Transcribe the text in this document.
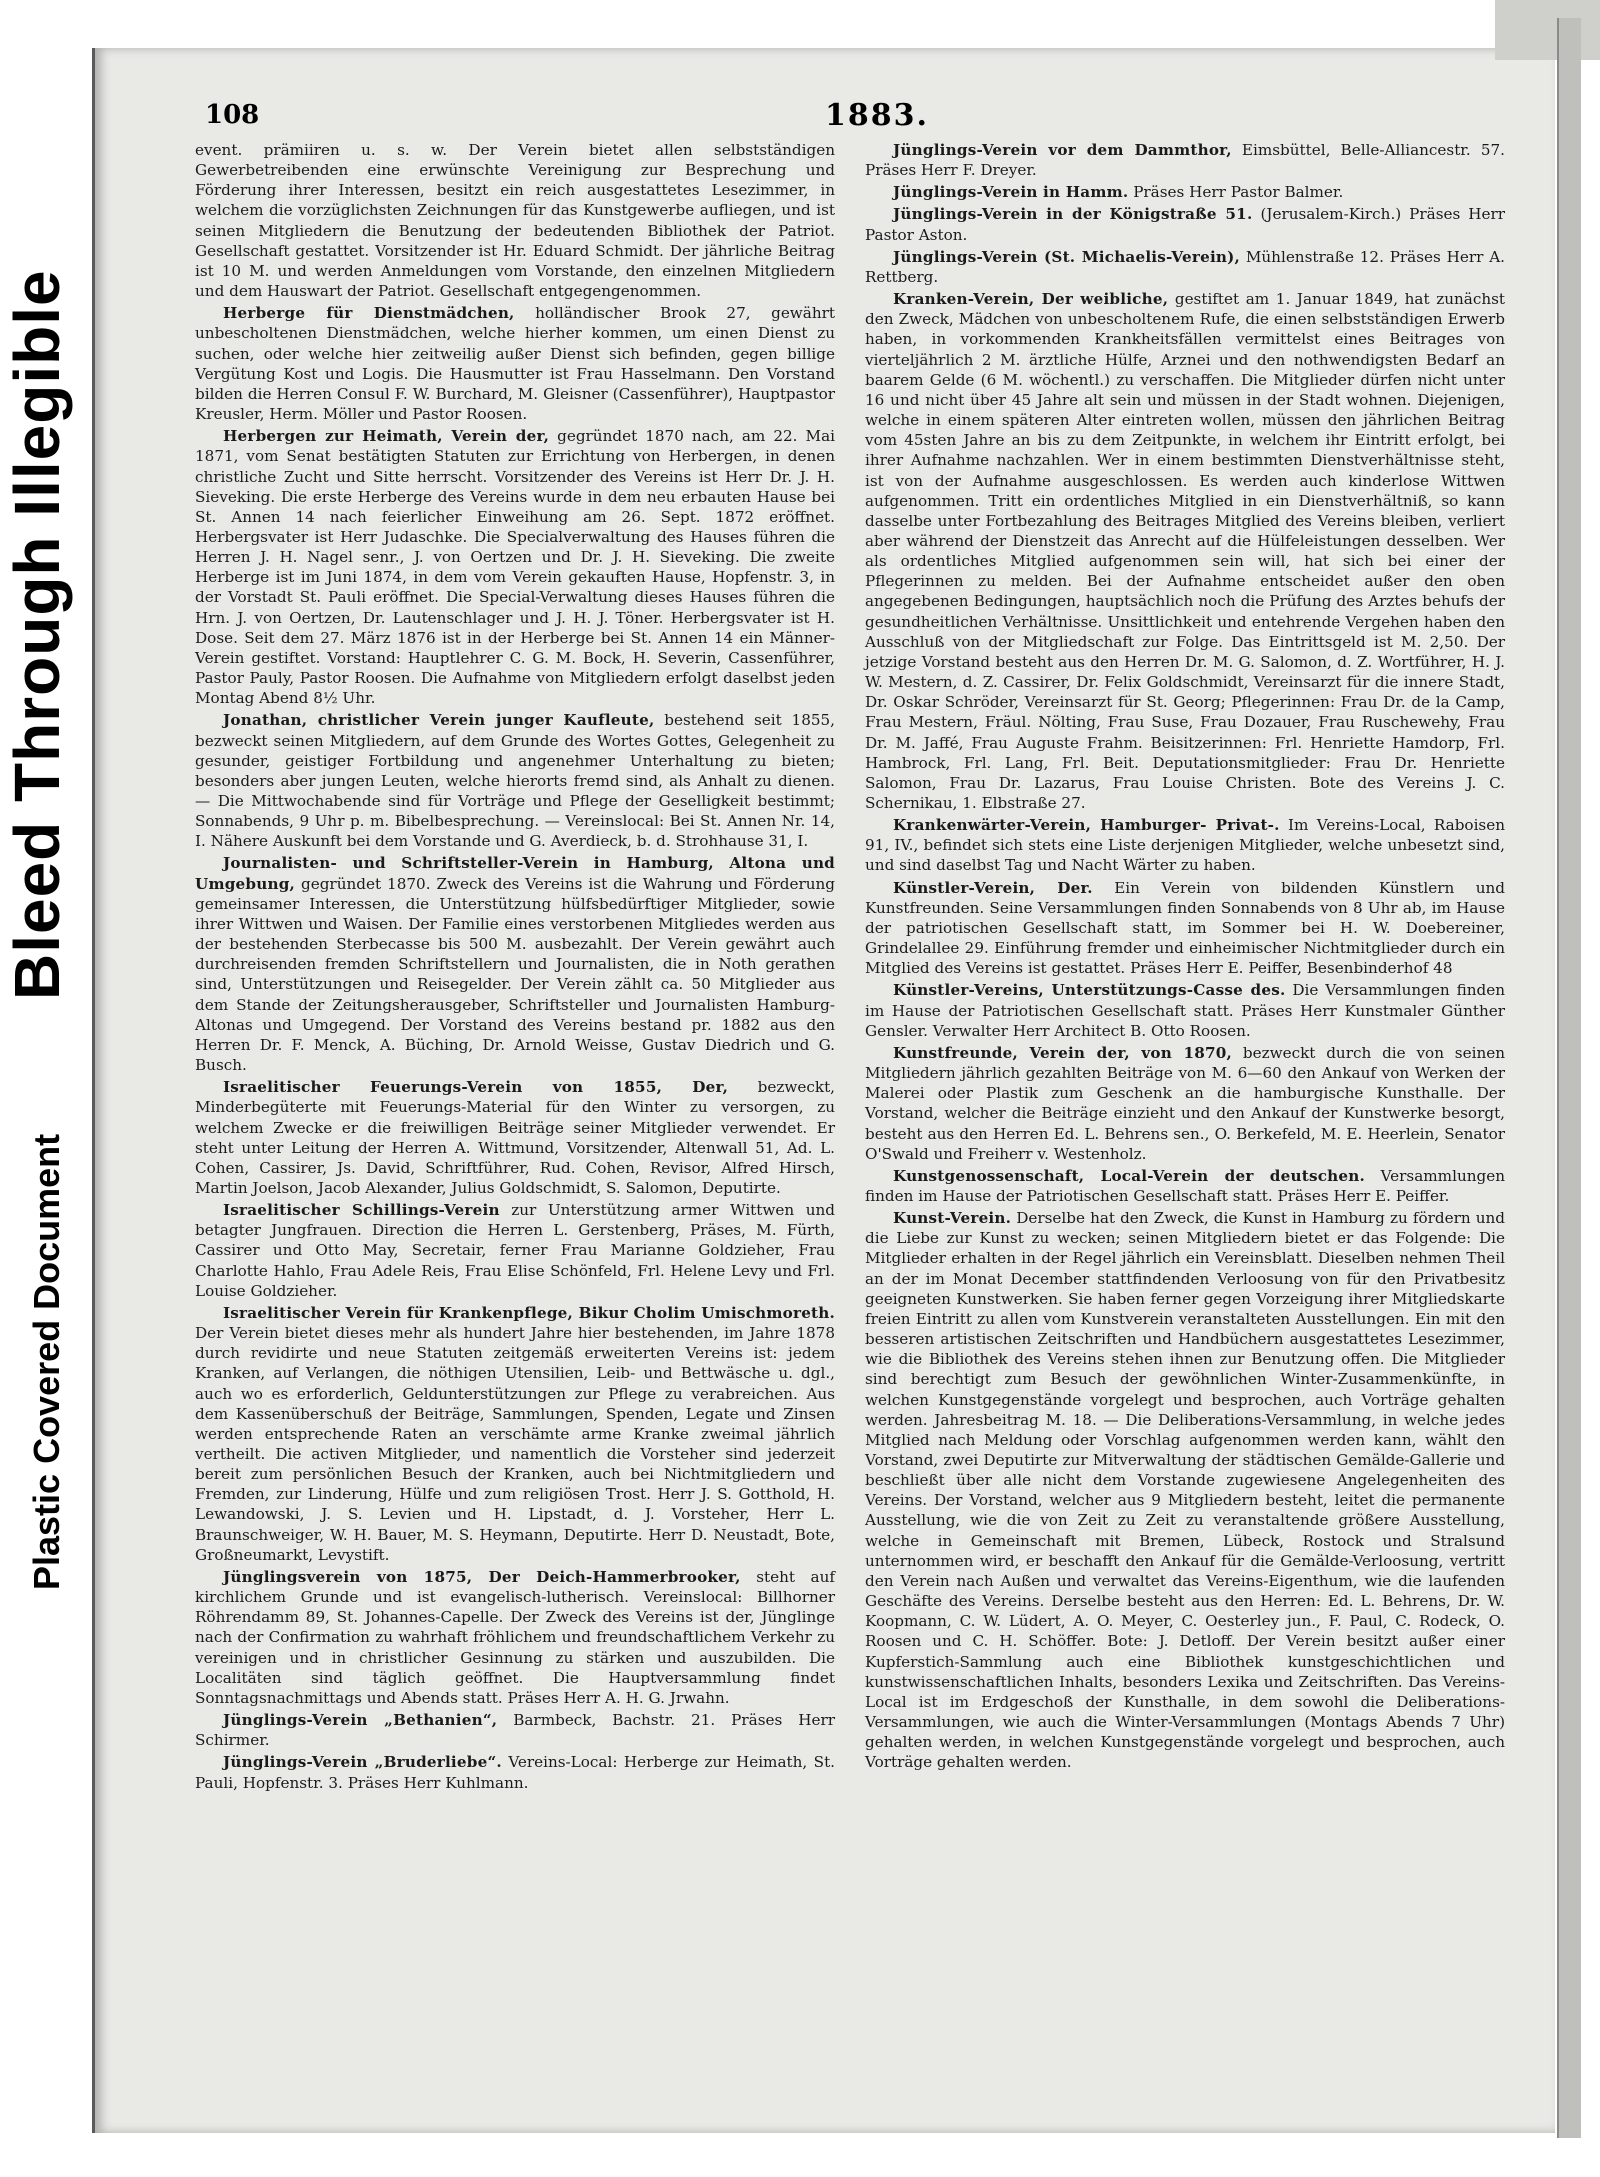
Bleed Through Illegible
Plastic Covered Document
108	1883.

event. prämiiren u. s. w. Der Verein bietet allen selbstständigen Gewerbetreibenden eine erwünschte Vereinigung zur Besprechung und Förderung ihrer Interessen, besitzt ein reich ausgestattetes Lesezimmer, in welchem die vorzüglichsten Zeichnungen für das Kunstgewerbe aufliegen, und ist seinen Mitgliedern die Benutzung der bedeutenden Bibliothek der Patriot. Gesellschaft gestattet. Vorsitzender ist Hr. Eduard Schmidt. Der jährliche Beitrag ist 10 M. und werden Anmeldungen vom Vorstande, den einzelnen Mitgliedern und dem Hauswart der Patriot. Gesellschaft entgegengenommen.

Herberge für Dienstmädchen, holländischer Brook 27, gewährt unbescholtenen Dienstmädchen, welche hierher kommen, um einen Dienst zu suchen, oder welche hier zeitweilig außer Dienst sich befinden, gegen billige Vergütung Kost und Logis. Die Hausmutter ist Frau Hasselmann. Den Vorstand bilden die Herren Consul F. W. Burchard, M. Gleisner (Cassenführer), Hauptpastor Kreusler, Herm. Möller und Pastor Roosen.

Herbergen zur Heimath, Verein der, gegründet 1870 nach, am 22. Mai 1871, vom Senat bestätigten Statuten zur Errichtung von Herbergen, in denen christliche Zucht und Sitte herrscht. Vorsitzender des Vereins ist Herr Dr. J. H. Sieveking. Die erste Herberge des Vereins wurde in dem neu erbauten Hause bei St. Annen 14 nach feierlicher Einweihung am 26. Sept. 1872 eröffnet. Herbergsvater ist Herr Judaschke. Die Specialverwaltung des Hauses führen die Herren J. H. Nagel senr., J. von Oertzen und Dr. J. H. Sieveking. Die zweite Herberge ist im Juni 1874, in dem vom Verein gekauften Hause, Hopfenstr. 3, in der Vorstadt St. Pauli eröffnet. Die Special-Verwaltung dieses Hauses führen die Hrn. J. von Oertzen, Dr. Lautenschlager und J. H. J. Töner. Herbergsvater ist H. Dose. Seit dem 27. März 1876 ist in der Herberge bei St. Annen 14 ein Männer-Verein gestiftet. Vorstand: Hauptlehrer C. G. M. Bock, H. Severin, Cassenführer, Pastor Pauly, Pastor Roosen. Die Aufnahme von Mitgliedern erfolgt daselbst jeden Montag Abend 8½ Uhr.

Jonathan, christlicher Verein junger Kaufleute, bestehend seit 1855, bezweckt seinen Mitgliedern, auf dem Grunde des Wortes Gottes, Gelegenheit zu gesunder, geistiger Fortbildung und angenehmer Unterhaltung zu bieten; besonders aber jungen Leuten, welche hierorts fremd sind, als Anhalt zu dienen. — Die Mittwochabende sind für Vorträge und Pflege der Geselligkeit bestimmt; Sonnabends, 9 Uhr p. m. Bibelbesprechung. — Vereinslocal: Bei St. Annen Nr. 14, I. Nähere Auskunft bei dem Vorstande und G. Averdieck, b. d. Strohhause 31, I.

Journalisten- und Schriftsteller-Verein in Hamburg, Altona und Umgebung, gegründet 1870. Zweck des Vereins ist die Wahrung und Förderung gemeinsamer Interessen, die Unterstützung hülfsbedürftiger Mitglieder, sowie ihrer Wittwen und Waisen. Der Familie eines verstorbenen Mitgliedes werden aus der bestehenden Sterbecasse bis 500 M. ausbezahlt. Der Verein gewährt auch durchreisenden fremden Schriftstellern und Journalisten, die in Noth gerathen sind, Unterstützungen und Reisegelder. Der Verein zählt ca. 50 Mitglieder aus dem Stande der Zeitungsherausgeber, Schriftsteller und Journalisten Hamburg-Altonas und Umgegend. Der Vorstand des Vereins bestand pr. 1882 aus den Herren Dr. F. Menck, A. Büching, Dr. Arnold Weisse, Gustav Diedrich und G. Busch.

Israelitischer Feuerungs-Verein von 1855, Der, bezweckt, Minderbegüterte mit Feuerungs-Material für den Winter zu versorgen, zu welchem Zwecke er die freiwilligen Beiträge seiner Mitglieder verwendet. Er steht unter Leitung der Herren A. Wittmund, Vorsitzender, Altenwall 51, Ad. L. Cohen, Cassirer, Js. David, Schriftführer, Rud. Cohen, Revisor, Alfred Hirsch, Martin Joelson, Jacob Alexander, Julius Goldschmidt, S. Salomon, Deputirte.

Israelitischer Schillings-Verein zur Unterstützung armer Wittwen und betagter Jungfrauen. Direction die Herren L. Gerstenberg, Präses, M. Fürth, Cassirer und Otto May, Secretair, ferner Frau Marianne Goldzieher, Frau Charlotte Hahlo, Frau Adele Reis, Frau Elise Schönfeld, Frl. Helene Levy und Frl. Louise Goldzieher.

Israelitischer Verein für Krankenpflege, Bikur Cholim Umischmoreth. Der Verein bietet dieses mehr als hundert Jahre hier bestehenden, im Jahre 1878 durch revidirte und neue Statuten zeitgemäß erweiterten Vereins ist: jedem Kranken, auf Verlangen, die nöthigen Utensilien, Leib- und Bettwäsche u. dgl., auch wo es erforderlich, Geldunterstützungen zur Pflege zu verabreichen. Aus dem Kassenüberschuß der Beiträge, Sammlungen, Spenden, Legate und Zinsen werden entsprechende Raten an verschämte arme Kranke zweimal jährlich vertheilt. Die activen Mitglieder, und namentlich die Vorsteher sind jederzeit bereit zum persönlichen Besuch der Kranken, auch bei Nichtmitgliedern und Fremden, zur Linderung, Hülfe und zum religiösen Trost. Herr J. S. Gotthold, H. Lewandowski, J. S. Levien und H. Lipstadt, d. J. Vorsteher, Herr L. Braunschweiger, W. H. Bauer, M. S. Heymann, Deputirte. Herr D. Neustadt, Bote, Großneumarkt, Levystift.

Jünglingsverein von 1875, Der Deich-Hammerbrooker, steht auf kirchlichem Grunde und ist evangelisch-lutherisch. Vereinslocal: Billhorner Röhrendamm 89, St. Johannes-Capelle. Der Zweck des Vereins ist der, Jünglinge nach der Confirmation zu wahrhaft fröhlichem und freundschaftlichem Verkehr zu vereinigen und in christlicher Gesinnung zu stärken und auszubilden. Die Localitäten sind täglich geöffnet. Die Hauptversammlung findet Sonntagsnachmittags und Abends statt. Präses Herr A. H. G. Jrwahn.

Jünglings-Verein „Bethanien“, Barmbeck, Bachstr. 21. Präses Herr Schirmer.

Jünglings-Verein „Bruderliebe“. Vereins-Local: Herberge zur Heimath, St. Pauli, Hopfenstr. 3. Präses Herr Kuhlmann.

Jünglings-Verein vor dem Dammthor, Eimsbüttel, Belle-Alliancestr. 57. Präses Herr F. Dreyer.

Jünglings-Verein in Hamm. Präses Herr Pastor Balmer.

Jünglings-Verein in der Königstraße 51. (Jerusalem-Kirch.) Präses Herr Pastor Aston.

Jünglings-Verein (St. Michaelis-Verein), Mühlenstraße 12. Präses Herr A. Rettberg.

Kranken-Verein, Der weibliche, gestiftet am 1. Januar 1849, hat zunächst den Zweck, Mädchen von unbescholtenem Rufe, die einen selbstständigen Erwerb haben, in vorkommenden Krankheitsfällen vermittelst eines Beitrages von vierteljährlich 2 M. ärztliche Hülfe, Arznei und den nothwendigsten Bedarf an baarem Gelde (6 M. wöchentl.) zu verschaffen. Die Mitglieder dürfen nicht unter 16 und nicht über 45 Jahre alt sein und müssen in der Stadt wohnen. Diejenigen, welche in einem späteren Alter eintreten wollen, müssen den jährlichen Beitrag vom 45sten Jahre an bis zu dem Zeitpunkte, in welchem ihr Eintritt erfolgt, bei ihrer Aufnahme nachzahlen. Wer in einem bestimmten Dienstverhältnisse steht, ist von der Aufnahme ausgeschlossen. Es werden auch kinderlose Wittwen aufgenommen. Tritt ein ordentliches Mitglied in ein Dienstverhältniß, so kann dasselbe unter Fortbezahlung des Beitrages Mitglied des Vereins bleiben, verliert aber während der Dienstzeit das Anrecht auf die Hülfeleistungen desselben. Wer als ordentliches Mitglied aufgenommen sein will, hat sich bei einer der Pflegerinnen zu melden. Bei der Aufnahme entscheidet außer den oben angegebenen Bedingungen, hauptsächlich noch die Prüfung des Arztes behufs der gesundheitlichen Verhältnisse. Unsittlichkeit und entehrende Vergehen haben den Ausschluß von der Mitgliedschaft zur Folge. Das Eintrittsgeld ist M. 2,50. Der jetzige Vorstand besteht aus den Herren Dr. M. G. Salomon, d. Z. Wortführer, H. J. W. Mestern, d. Z. Cassirer, Dr. Felix Goldschmidt, Vereinsarzt für die innere Stadt, Dr. Oskar Schröder, Vereinsarzt für St. Georg; Pflegerinnen: Frau Dr. de la Camp, Frau Mestern, Fräul. Nölting, Frau Suse, Frau Dozauer, Frau Ruschewehy, Frau Dr. M. Jaffé, Frau Auguste Frahm. Beisitzerinnen: Frl. Henriette Hamdorp, Frl. Hambrock, Frl. Lang, Frl. Beit. Deputationsmitglieder: Frau Dr. Henriette Salomon, Frau Dr. Lazarus, Frau Louise Christen. Bote des Vereins J. C. Schernikau, 1. Elbstraße 27.

Krankenwärter-Verein, Hamburger- Privat-. Im Vereins-Local, Raboisen 91, IV., befindet sich stets eine Liste derjenigen Mitglieder, welche unbesetzt sind, und sind daselbst Tag und Nacht Wärter zu haben.

Künstler-Verein, Der. Ein Verein von bildenden Künstlern und Kunstfreunden. Seine Versammlungen finden Sonnabends von 8 Uhr ab, im Hause der patriotischen Gesellschaft statt, im Sommer bei H. W. Doebereiner, Grindelallee 29. Einführung fremder und einheimischer Nichtmitglieder durch ein Mitglied des Vereins ist gestattet. Präses Herr E. Peiffer, Besenbinderhof 48

Künstler-Vereins, Unterstützungs-Casse des. Die Versammlungen finden im Hause der Patriotischen Gesellschaft statt. Präses Herr Kunstmaler Günther Gensler. Verwalter Herr Architect B. Otto Roosen.

Kunstfreunde, Verein der, von 1870, bezweckt durch die von seinen Mitgliedern jährlich gezahlten Beiträge von M. 6—60 den Ankauf von Werken der Malerei oder Plastik zum Geschenk an die hamburgische Kunsthalle. Der Vorstand, welcher die Beiträge einzieht und den Ankauf der Kunstwerke besorgt, besteht aus den Herren Ed. L. Behrens sen., O. Berkefeld, M. E. Heerlein, Senator O'Swald und Freiherr v. Westenholz.

Kunstgenossenschaft, Local-Verein der deutschen. Versammlungen finden im Hause der Patriotischen Gesellschaft statt. Präses Herr E. Peiffer.

Kunst-Verein. Derselbe hat den Zweck, die Kunst in Hamburg zu fördern und die Liebe zur Kunst zu wecken; seinen Mitgliedern bietet er das Folgende: Die Mitglieder erhalten in der Regel jährlich ein Vereinsblatt. Dieselben nehmen Theil an der im Monat December stattfindenden Verloosung von für den Privatbesitz geeigneten Kunstwerken. Sie haben ferner gegen Vorzeigung ihrer Mitgliedskarte freien Eintritt zu allen vom Kunstverein veranstalteten Ausstellungen. Ein mit den besseren artistischen Zeitschriften und Handbüchern ausgestattetes Lesezimmer, wie die Bibliothek des Vereins stehen ihnen zur Benutzung offen. Die Mitglieder sind berechtigt zum Besuch der gewöhnlichen Winter-Zusammenkünfte, in welchen Kunstgegenstände vorgelegt und besprochen, auch Vorträge gehalten werden. Jahresbeitrag M. 18. — Die Deliberations-Versammlung, in welche jedes Mitglied nach Meldung oder Vorschlag aufgenommen werden kann, wählt den Vorstand, zwei Deputirte zur Mitverwaltung der städtischen Gemälde-Gallerie und beschließt über alle nicht dem Vorstande zugewiesene Angelegenheiten des Vereins. Der Vorstand, welcher aus 9 Mitgliedern besteht, leitet die permanente Ausstellung, wie die von Zeit zu Zeit zu veranstaltende größere Ausstellung, welche in Gemeinschaft mit Bremen, Lübeck, Rostock und Stralsund unternommen wird, er beschafft den Ankauf für die Gemälde-Verloosung, vertritt den Verein nach Außen und verwaltet das Vereins-Eigenthum, wie die laufenden Geschäfte des Vereins. Derselbe besteht aus den Herren: Ed. L. Behrens, Dr. W. Koopmann, C. W. Lüdert, A. O. Meyer, C. Oesterley jun., F. Paul, C. Rodeck, O. Roosen und C. H. Schöffer. Bote: J. Detloff. Der Verein besitzt außer einer Kupferstich-Sammlung auch eine Bibliothek kunstgeschichtlichen und kunstwissenschaftlichen Inhalts, besonders Lexika und Zeitschriften. Das Vereins-Local ist im Erdgeschoß der Kunsthalle, in dem sowohl die Deliberations-Versammlungen, wie auch die Winter-Versammlungen (Montags Abends 7 Uhr) gehalten werden, in welchen Kunstgegenstände vorgelegt und besprochen, auch Vorträge gehalten werden.
